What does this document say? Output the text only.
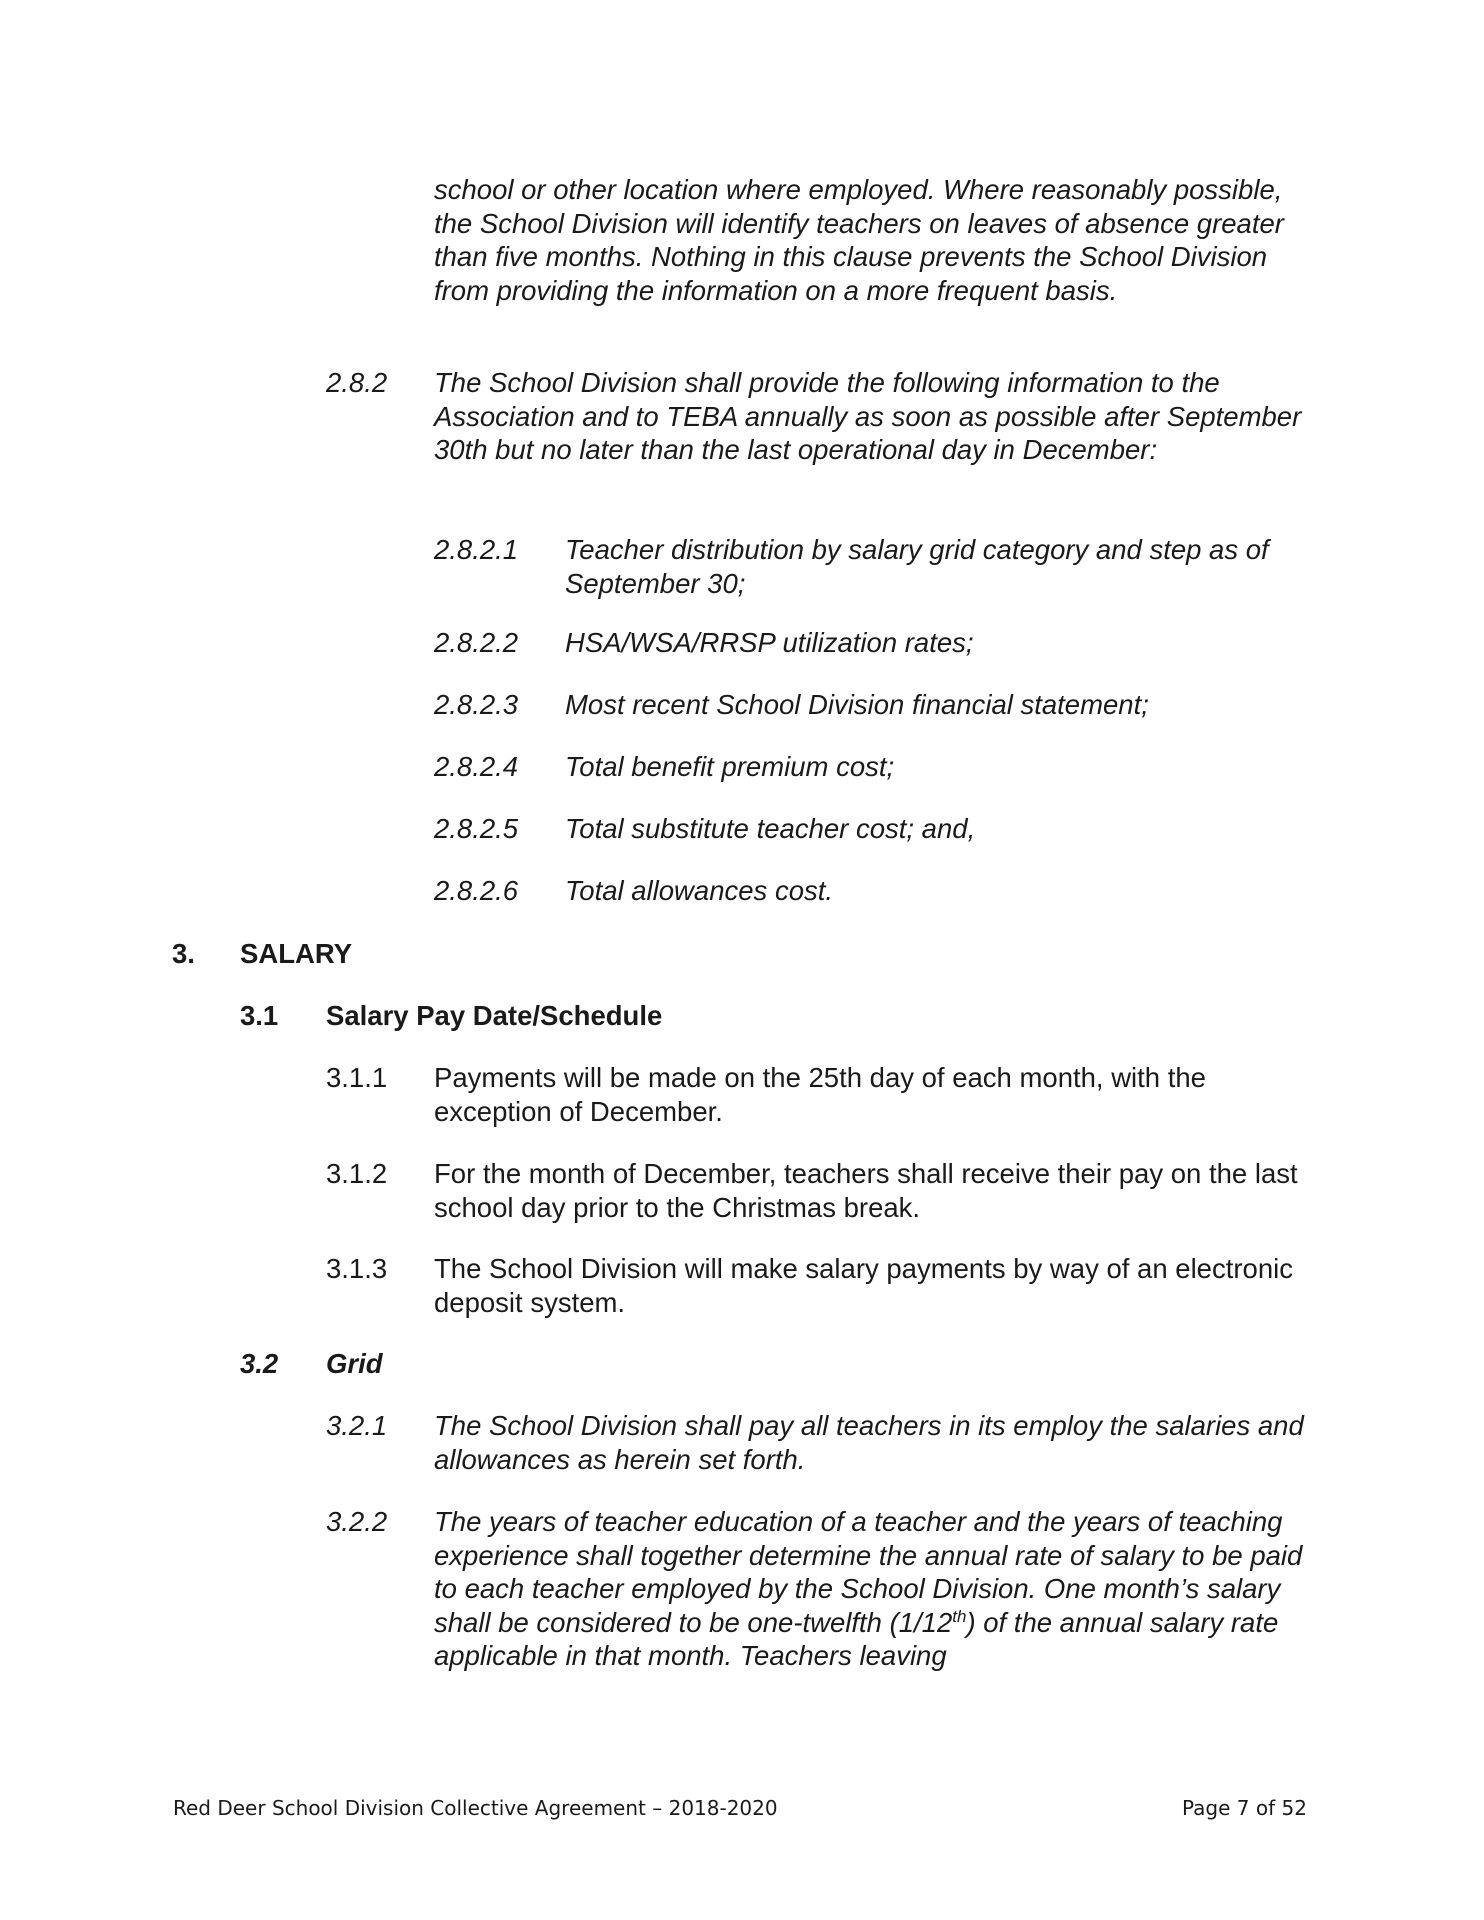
school or other location where employed. Where reasonably possible, the School Division will identify teachers on leaves of absence greater than five months. Nothing in this clause prevents the School Division from providing the information on a more frequent basis.
2.8.2 The School Division shall provide the following information to the Association and to TEBA annually as soon as possible after September 30th but no later than the last operational day in December:
2.8.2.1 Teacher distribution by salary grid category and step as of September 30;
2.8.2.2 HSA/WSA/RRSP utilization rates;
2.8.2.3 Most recent School Division financial statement;
2.8.2.4 Total benefit premium cost;
2.8.2.5 Total substitute teacher cost; and,
2.8.2.6 Total allowances cost.
3. SALARY
3.1 Salary Pay Date/Schedule
3.1.1 Payments will be made on the 25th day of each month, with the exception of December.
3.1.2 For the month of December, teachers shall receive their pay on the last school day prior to the Christmas break.
3.1.3 The School Division will make salary payments by way of an electronic deposit system.
3.2 Grid
3.2.1 The School Division shall pay all teachers in its employ the salaries and allowances as herein set forth.
3.2.2 The years of teacher education of a teacher and the years of teaching experience shall together determine the annual rate of salary to be paid to each teacher employed by the School Division. One month’s salary shall be considered to be one-twelfth (1/12th) of the annual salary rate applicable in that month. Teachers leaving
Red Deer School Division Collective Agreement – 2018-2020	Page 7 of 52
